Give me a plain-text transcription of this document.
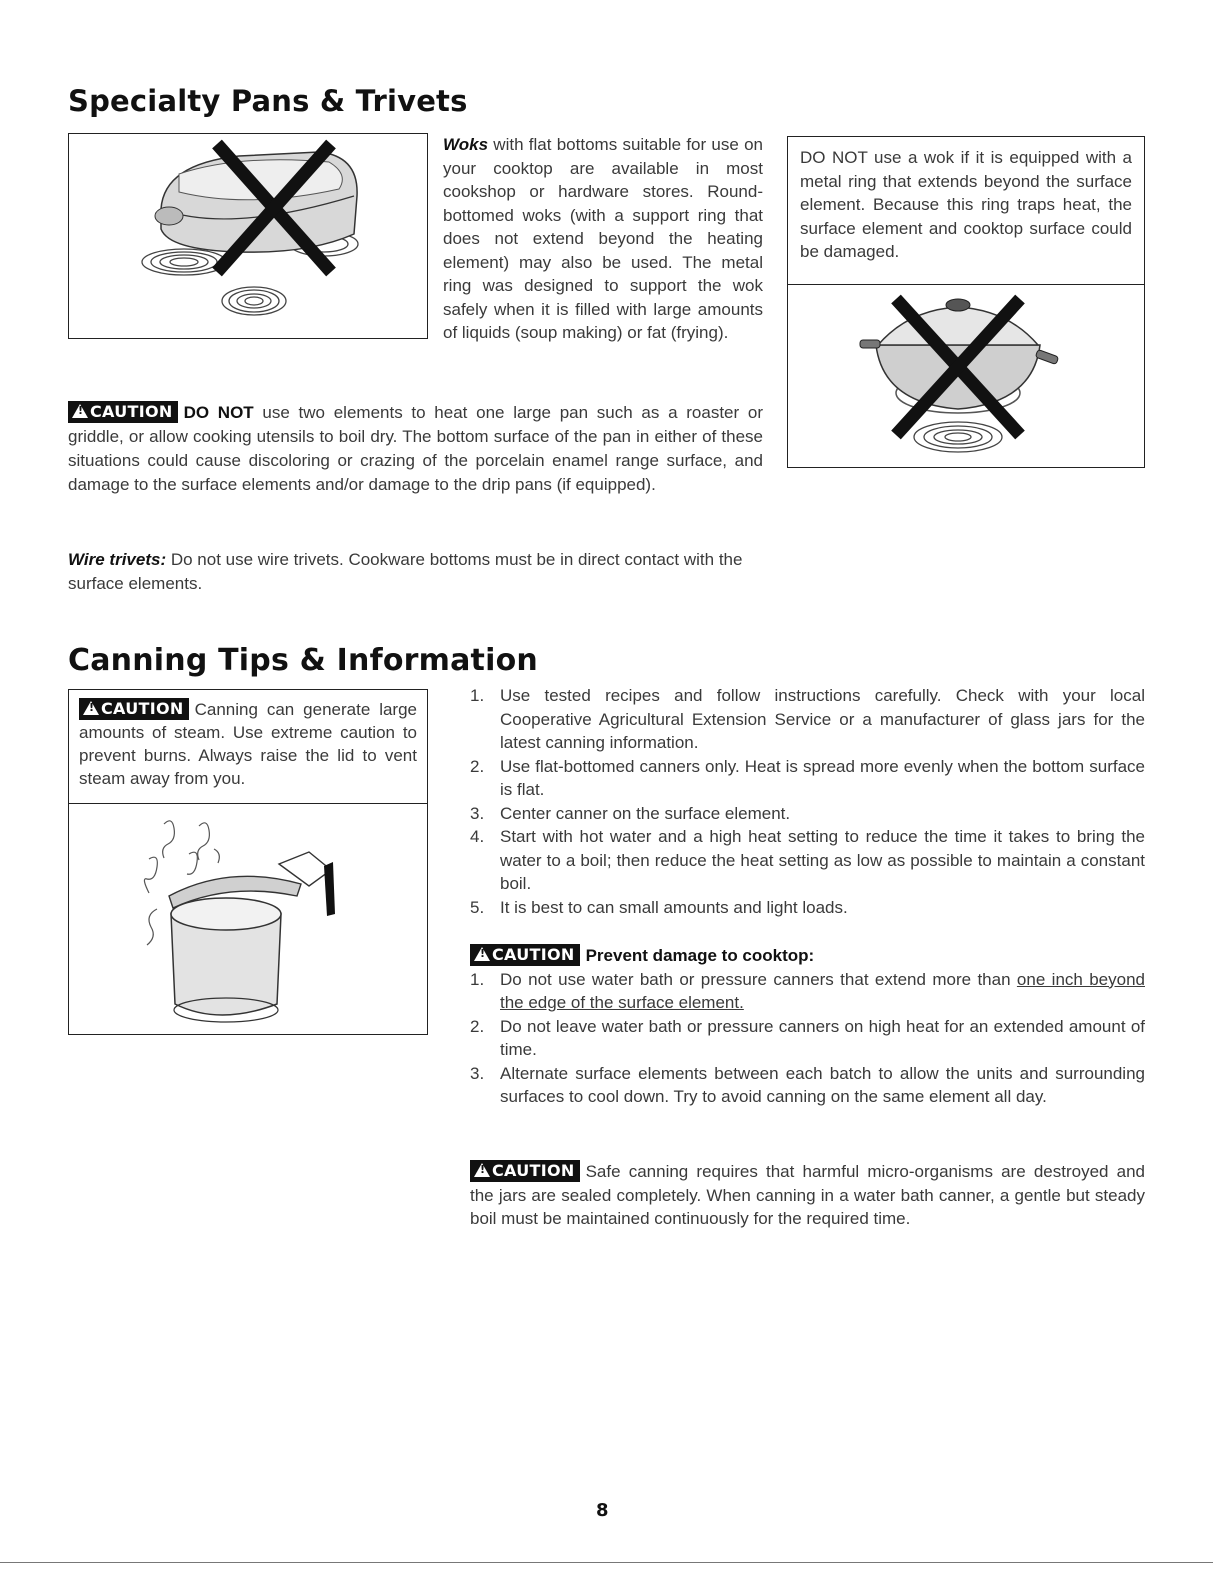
Specialty Pans & Trivets

Woks with flat bottoms suitable for use on your cooktop are available in most cookshop or hardware stores. Round-bottomed woks (with a support ring that does not extend beyond the heating element) may also be used. The metal ring was designed to support the wok safely when it is filled with large amounts of liquids (soup making) or fat (frying).

DO NOT use a wok if it is equipped with a metal ring that extends beyond the surface element. Because this ring traps heat, the surface element and cooktop surface could be damaged.

!CAUTION DO NOT use two elements to heat one large pan such as a roaster or griddle, or allow cooking utensils to boil dry. The bottom surface of the pan in either of these situations could cause discoloring or crazing of the porcelain enamel range surface, and damage to the surface elements and/or damage to the drip pans (if equipped).

Wire trivets: Do not use wire trivets. Cookware bottoms must be in direct contact with the surface elements.

Canning Tips & Information

!CAUTION Canning can generate large amounts of steam. Use extreme caution to prevent burns. Always raise the lid to vent steam away from you.

1. Use tested recipes and follow instructions carefully. Check with your local Cooperative Agricultural Extension Service or a manufacturer of glass jars for the latest canning information.
2. Use flat-bottomed canners only. Heat is spread more evenly when the bottom surface is flat.
3. Center canner on the surface element.
4. Start with hot water and a high heat setting to reduce the time it takes to bring the water to a boil; then reduce the heat setting as low as possible to maintain a constant boil.
5. It is best to can small amounts and light loads.

!CAUTION Prevent damage to cooktop:

1. Do not use water bath or pressure canners that extend more than one inch beyond the edge of the surface element.
2. Do not leave water bath or pressure canners on high heat for an extended amount of time.
3. Alternate surface elements between each batch to allow the units and surrounding surfaces to cool down. Try to avoid canning on the same element all day.

!CAUTION Safe canning requires that harmful micro-organisms are destroyed and the jars are sealed completely. When canning in a water bath canner, a gentle but steady boil must be maintained continuously for the required time.

8
